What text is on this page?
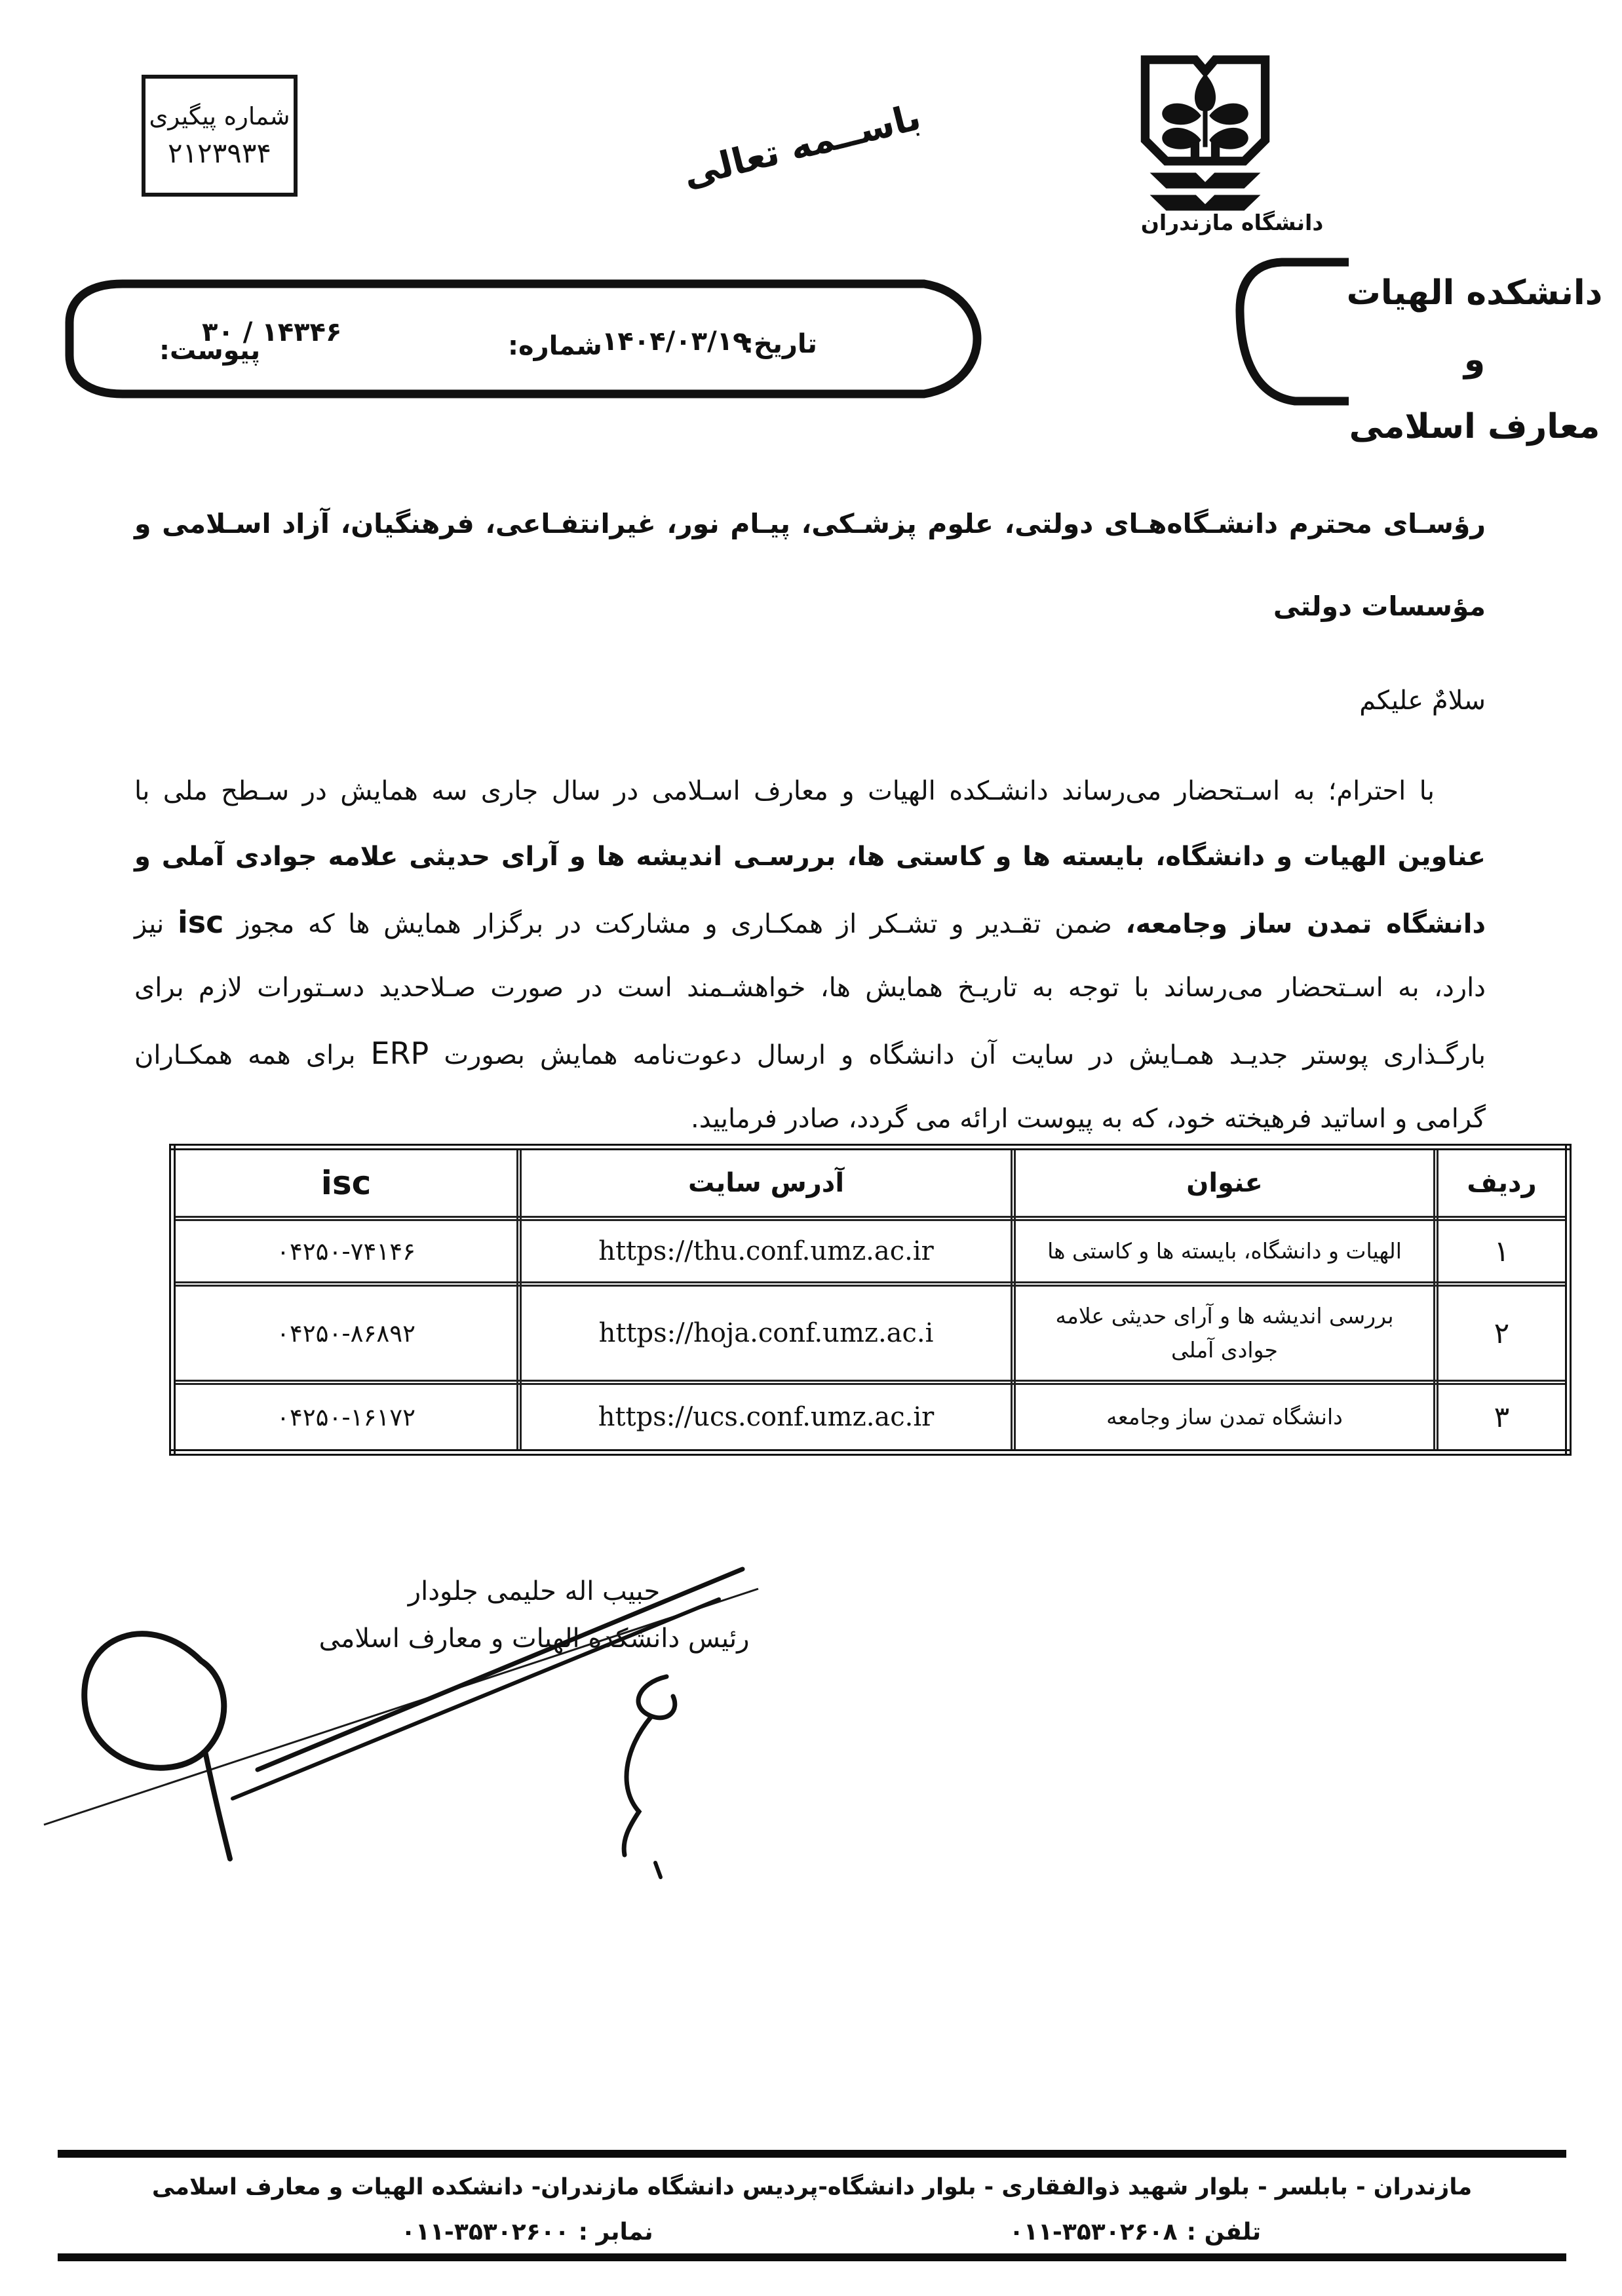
شماره پیگیری
۲۱۲۳۹۳۴	باســمه تعالی
دانشگاه مازندران
تاریخ:
۱۴۰۴/۰۳/۱۹
شماره:
۳۰ / ۱۴۳۴۶
پیوست:
دانشکده الهیات و
معارف اسلامی
رؤسـای محترم دانشـگاه‌هـای دولتی، علوم پزشـکی، پیـام نور، غیرانتفـاعی، فرهنگیان، آزاد اسـلامی و
مؤسسات دولتی
سلامٌ علیکم
با احترام؛ به اسـتحضار می‌رساند دانشـکده الهیات و معارف اسـلامی در سال جاری سه همایش در سـطح ملی با
عناوین الهیات و دانشگاه، بایسته ها و کاستی ها، بررسـی اندیشه ها و آرای حدیثی علامه جوادی آملی و
دانشگاه تمدن ساز وجامعه، ضمن تقـدیر و تشـکر از همکـاری و مشارکت در برگزار همایش ها که مجوز isc نیز
دارد، به اسـتحضار می‌رساند با توجه به تاریـخ همایش ها، خواهشـمند است در صورت صـلاحدید دسـتورات لازم برای
بارگـذاری پوستر جدیـد همـایش در سایت آن دانشگاه و ارسال دعوت‌نامه همایش بصورت ERP برای همه همکـاران
گرامی و اساتید فرهیخته خود، که به پیوست ارائه می گردد، صادر فرمایید.
ردیف	عنوان	آدرس سایت	isc
۱	الهیات و دانشگاه، بایسته ها و کاستی ها	https://thu.conf.umz.ac.ir	۰۴۲۵۰-۷۴۱۴۶
۲	بررسی اندیشه ها و آرای حدیثی علامه جوادی آملی	https://hoja.conf.umz.ac.i	۰۴۲۵۰-۸۶۸۹۲
۳	دانشگاه تمدن ساز وجامعه	https://ucs.conf.umz.ac.ir	۰۴۲۵۰-۱۶۱۷۲
حبیب اله حلیمی جلودار
رئیس دانشکده الهیات و معارف اسلامی
مازندران - بابلسر - بلوار شهید ذوالفقاری - بلوار دانشگاه-پردیس دانشگاه مازندران- دانشکده الهیات و معارف اسلامی
تلفن :
۰۱۱-۳۵۳۰۲۶۰۸
نمابر :
۰۱۱-۳۵۳۰۲۶۰۰
